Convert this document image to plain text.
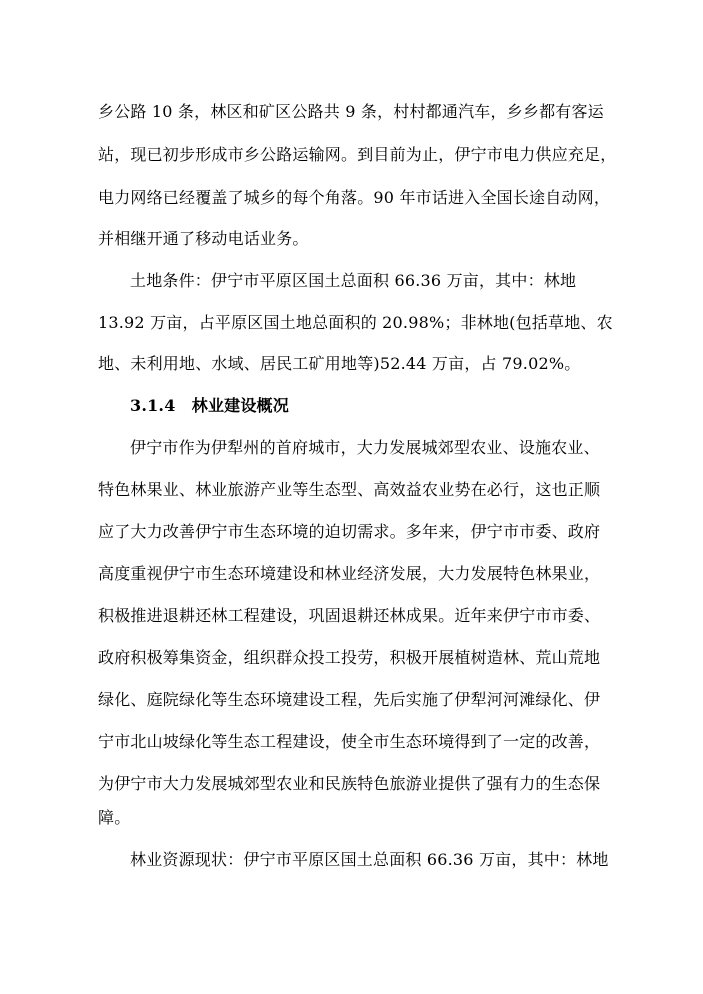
乡公路 10 条，林区和矿区公路共 9 条，村村都通汽车，乡乡都有客运
站，现已初步形成市乡公路运输网。到目前为止，伊宁市电力供应充足，
电力网络已经覆盖了城乡的每个角落。90 年市话进入全国长途自动网，
并相继开通了移动电话业务。
土地条件：伊宁市平原区国土总面积 66.36 万亩，其中：林地
13.92 万亩，占平原区国土地总面积的 20.98%；非林地(包括草地、农
地、未利用地、水域、居民工矿用地等)52.44 万亩，占 79.02%。
3.1.4　林业建设概况
伊宁市作为伊犁州的首府城市，大力发展城郊型农业、设施农业、
特色林果业、林业旅游产业等生态型、高效益农业势在必行，这也正顺
应了大力改善伊宁市生态环境的迫切需求。多年来，伊宁市市委、政府
高度重视伊宁市生态环境建设和林业经济发展，大力发展特色林果业，
积极推进退耕还林工程建设，巩固退耕还林成果。近年来伊宁市市委、
政府积极筹集资金，组织群众投工投劳，积极开展植树造林、荒山荒地
绿化、庭院绿化等生态环境建设工程，先后实施了伊犁河河滩绿化、伊
宁市北山坡绿化等生态工程建设，使全市生态环境得到了一定的改善，
为伊宁市大力发展城郊型农业和民族特色旅游业提供了强有力的生态保
障。
林业资源现状：伊宁市平原区国土总面积 66.36 万亩，其中：林地
